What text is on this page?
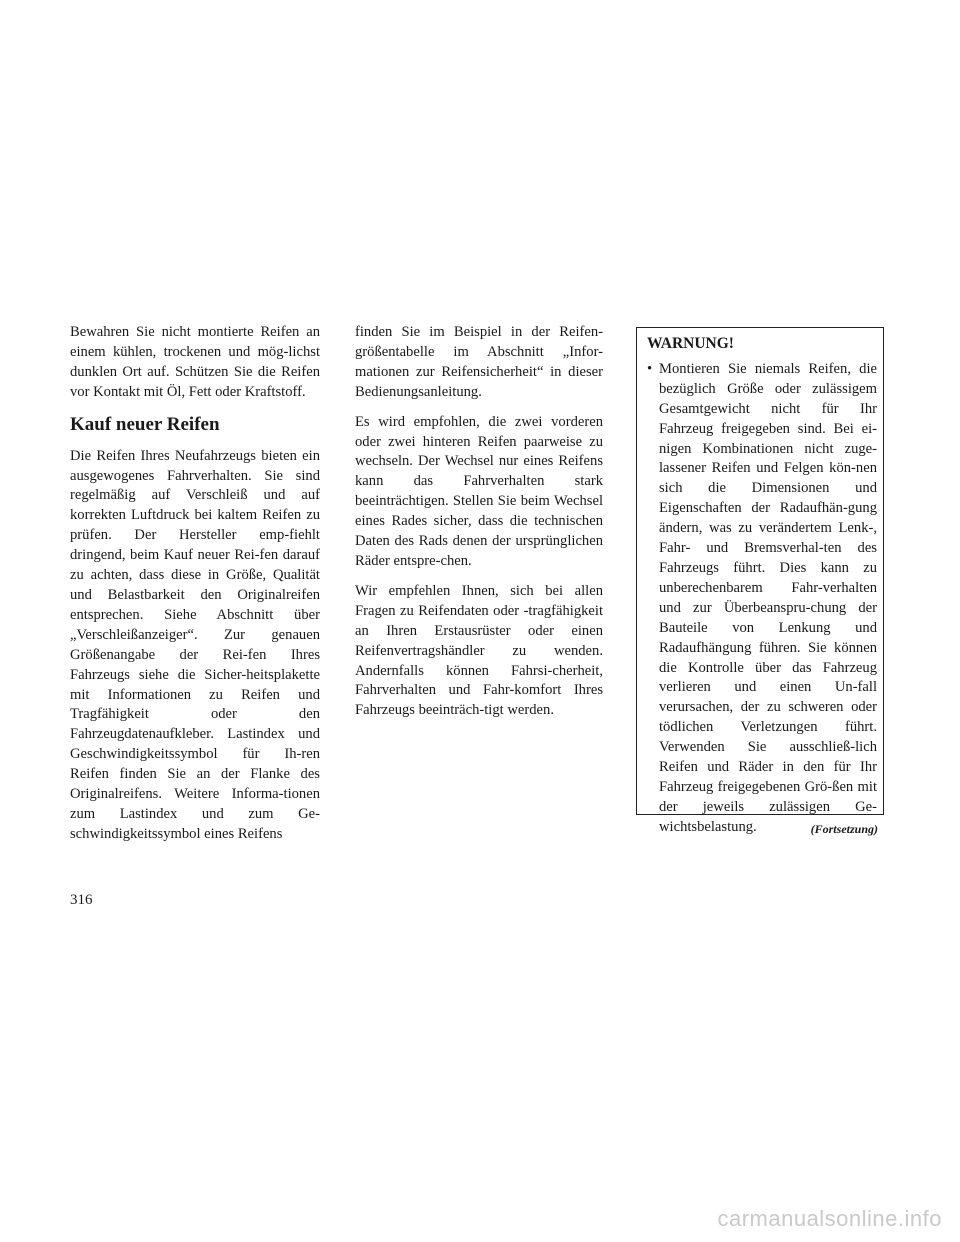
Bewahren Sie nicht montierte Reifen an einem kühlen, trockenen und mög-lichst dunklen Ort auf. Schützen Sie die Reifen vor Kontakt mit Öl, Fett oder Kraftstoff.

Kauf neuer Reifen

Die Reifen Ihres Neufahrzeugs bieten ein ausgewogenes Fahrverhalten. Sie sind regelmäßig auf Verschleiß und auf korrekten Luftdruck bei kaltem Reifen zu prüfen. Der Hersteller emp-fiehlt dringend, beim Kauf neuer Rei-fen darauf zu achten, dass diese in Größe, Qualität und Belastbarkeit den Originalreifen entsprechen. Siehe Abschnitt über „Verschleißanzeiger“. Zur genauen Größenangabe der Rei-fen Ihres Fahrzeugs siehe die Sicher-heitsplakette mit Informationen zu Reifen und Tragfähigkeit oder den Fahrzeugdatenaufkleber. Lastindex und Geschwindigkeitssymbol für Ih-ren Reifen finden Sie an der Flanke des Originalreifens. Weitere Informa-tionen zum Lastindex und zum Ge-schwindigkeitssymbol eines Reifens

finden Sie im Beispiel in der Reifen-größentabelle im Abschnitt „Infor-mationen zur Reifensicherheit“ in dieser Bedienungsanleitung.

Es wird empfohlen, die zwei vorderen oder zwei hinteren Reifen paarweise zu wechseln. Der Wechsel nur eines Reifens kann das Fahrverhalten stark beeinträchtigen. Stellen Sie beim Wechsel eines Rades sicher, dass die technischen Daten des Rads denen der ursprünglichen Räder entspre-chen.

Wir empfehlen Ihnen, sich bei allen Fragen zu Reifendaten oder -tragfähigkeit an Ihren Erstausrüster oder einen Reifenvertragshändler zu wenden. Andernfalls können Fahrsi-cherheit, Fahrverhalten und Fahr-komfort Ihres Fahrzeugs beeinträch-tigt werden.

WARNUNG!
• Montieren Sie niemals Reifen, die bezüglich Größe oder zulässigem Gesamtgewicht nicht für Ihr Fahrzeug freigegeben sind. Bei ei-nigen Kombinationen nicht zuge-lassener Reifen und Felgen kön-nen sich die Dimensionen und Eigenschaften der Radaufhän-gung ändern, was zu verändertem Lenk-, Fahr- und Bremsverhal-ten des Fahrzeugs führt. Dies kann zu unberechenbarem Fahr-verhalten und zur Überbeanspru-chung der Bauteile von Lenkung und Radaufhängung führen. Sie können die Kontrolle über das Fahrzeug verlieren und einen Un-fall verursachen, der zu schweren oder tödlichen Verletzungen führt. Verwenden Sie ausschließ-lich Reifen und Räder in den für Ihr Fahrzeug freigegebenen Grö-ßen mit der jeweils zulässigen Ge-wichtsbelastung.	(Fortsetzung)
316
carmanualsonline.info
